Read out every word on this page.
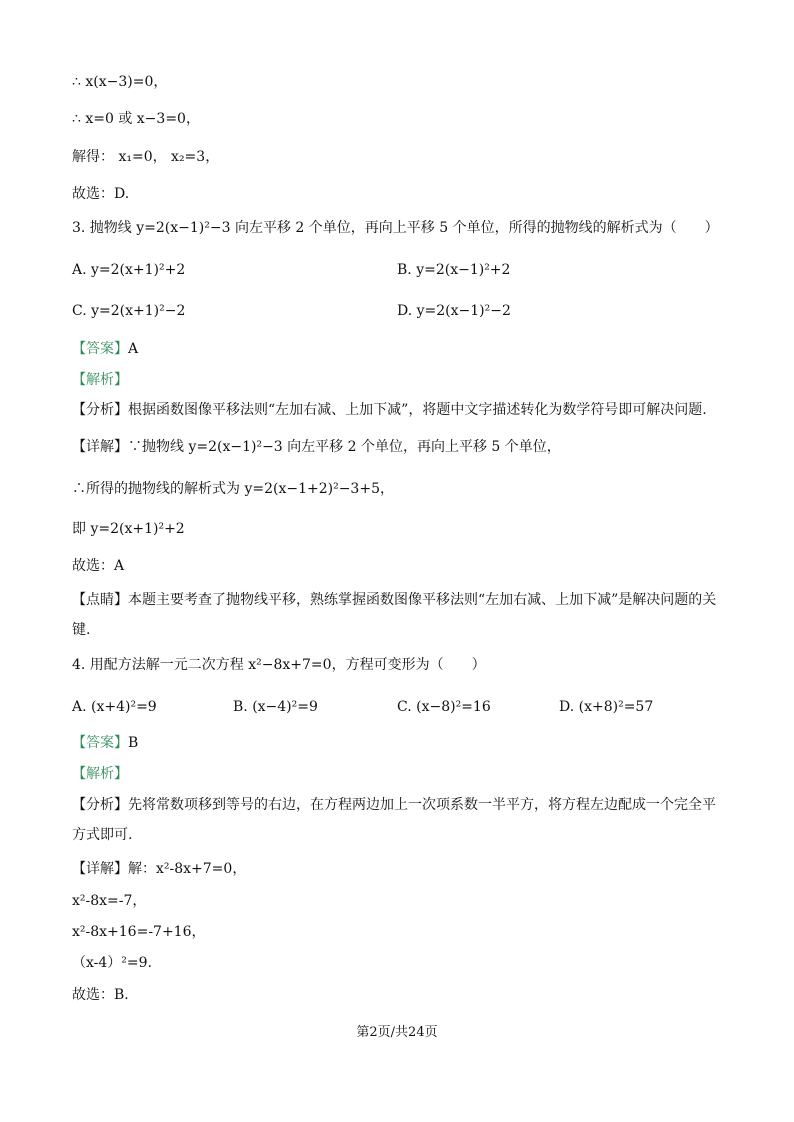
∴ x(x−3)=0，
∴ x=0 或 x−3=0，
解得： x₁=0， x₂=3，
故选：D.
3. 抛物线 y=2(x−1)²−3 向左平移 2 个单位，再向上平移 5 个单位，所得的抛物线的解析式为（　　）
A. y=2(x+1)²+2	B. y=2(x−1)²+2
C. y=2(x+1)²−2	D. y=2(x−1)²−2
【答案】A
【解析】
【分析】根据函数图像平移法则“左加右减、上加下减”，将题中文字描述转化为数学符号即可解决问题.
【详解】∵抛物线 y=2(x−1)²−3 向左平移 2 个单位，再向上平移 5 个单位，
∴所得的抛物线的解析式为 y=2(x−1+2)²−3+5，
即 y=2(x+1)²+2
故选：A
【点睛】本题主要考查了抛物线平移，熟练掌握函数图像平移法则“左加右减、上加下减”是解决问题的关键.
4. 用配方法解一元二次方程 x²−8x+7=0，方程可变形为（　　）
A. (x+4)²=9	B. (x−4)²=9	C. (x−8)²=16	D. (x+8)²=57
【答案】B
【解析】
【分析】先将常数项移到等号的右边，在方程两边加上一次项系数一半平方，将方程左边配成一个完全平方式即可.
【详解】解：x²-8x+7=0，
x²-8x=-7，
x²-8x+16=-7+16，
（x-4）²=9.
故选：B.
第2页/共24页
